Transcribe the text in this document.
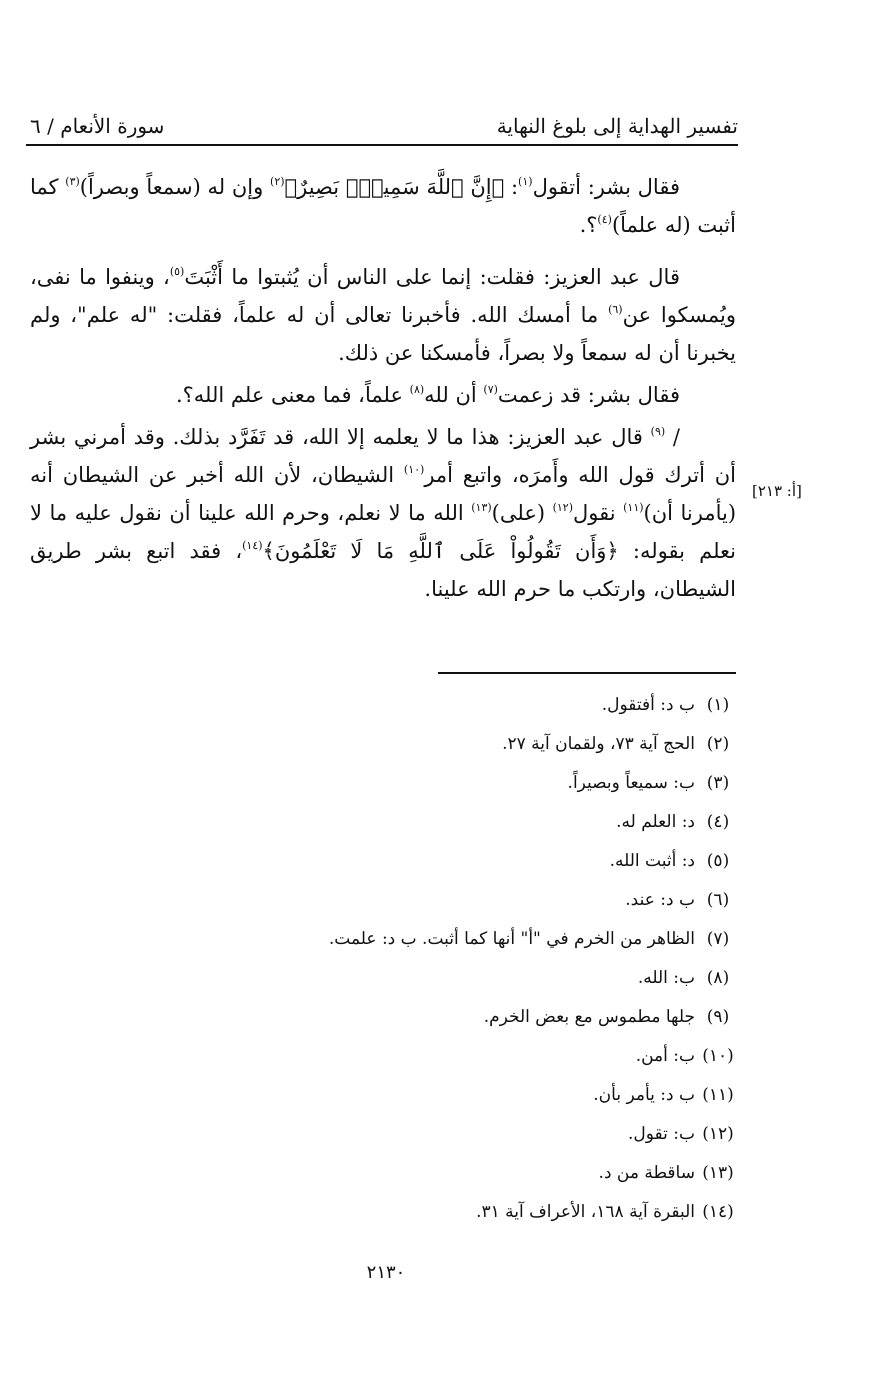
تفسير الهداية إلى بلوغ النهاية
سورة الأنعام / ٦
[أ: ٢١٣]

فقال بشر: أتقول$^{(١)}$: ﴿إِنَّ ٱللَّهَ سَمِيعٌۢ بَصِيرٌ﴾$^{(٢)}$ وإن له (سمعاً وبصراً)$^{(٣)}$ كما أثبت (له علماً)$^{(٤)}$؟.

قال عبد العزيز: فقلت: إنما على الناس أن يُثبتوا ما أَثْبَتَ$^{(٥)}$، وينفوا ما نفى، ويُمسكوا عن$^{(٦)}$ ما أمسك الله. فأخبرنا تعالى أن له علماً، فقلت: "له علم"، ولم يخبرنا أن له سمعاً ولا بصراً، فأمسكنا عن ذلك.

فقال بشر: قد زعمت$^{(٧)}$ أن لله$^{(٨)}$ علماً، فما معنى علم الله؟.

/ $^{(٩)}$ قال عبد العزيز: هذا ما لا يعلمه إلا الله، قد تَفَرَّد بذلك. وقد أمرني بشر أن أترك قول الله وأَمرَه، واتبع أمر$^{(١٠)}$ الشيطان، لأن الله أخبر عن الشيطان أنه (يأمرنا أن)$^{(١١)}$ نقول$^{(١٢)}$ (على)$^{(١٣)}$ الله ما لا نعلم، وحرم الله علينا أن نقول عليه ما لا نعلم بقوله: ﴿وَأَن تَقُولُواْ عَلَى ٱللَّهِ مَا لَا تَعْلَمُونَ﴾$^{(١٤)}$، فقد اتبع بشر طريق الشيطان، وارتكب ما حرم الله علينا.

(١)ب د: أفتقول.
(٢)الحج آية ٧٣، ولقمان آية ٢٧.
(٣)ب: سميعاً وبصيراً.
(٤)د: العلم له.
(٥)د: أثبت الله.
(٦)ب د: عند.
(٧)الظاهر من الخرم في "أ" أنها كما أثبت. ب د: علمت.
(٨)ب: الله.
(٩)جلها مطموس مع بعض الخرم.
(١٠)ب: أمن.
(١١)ب د: يأمر بأن.
(١٢)ب: تقول.
(١٣)ساقطة من د.
(١٤)البقرة آية ١٦٨، الأعراف آية ٣١.
٢١٣٠
